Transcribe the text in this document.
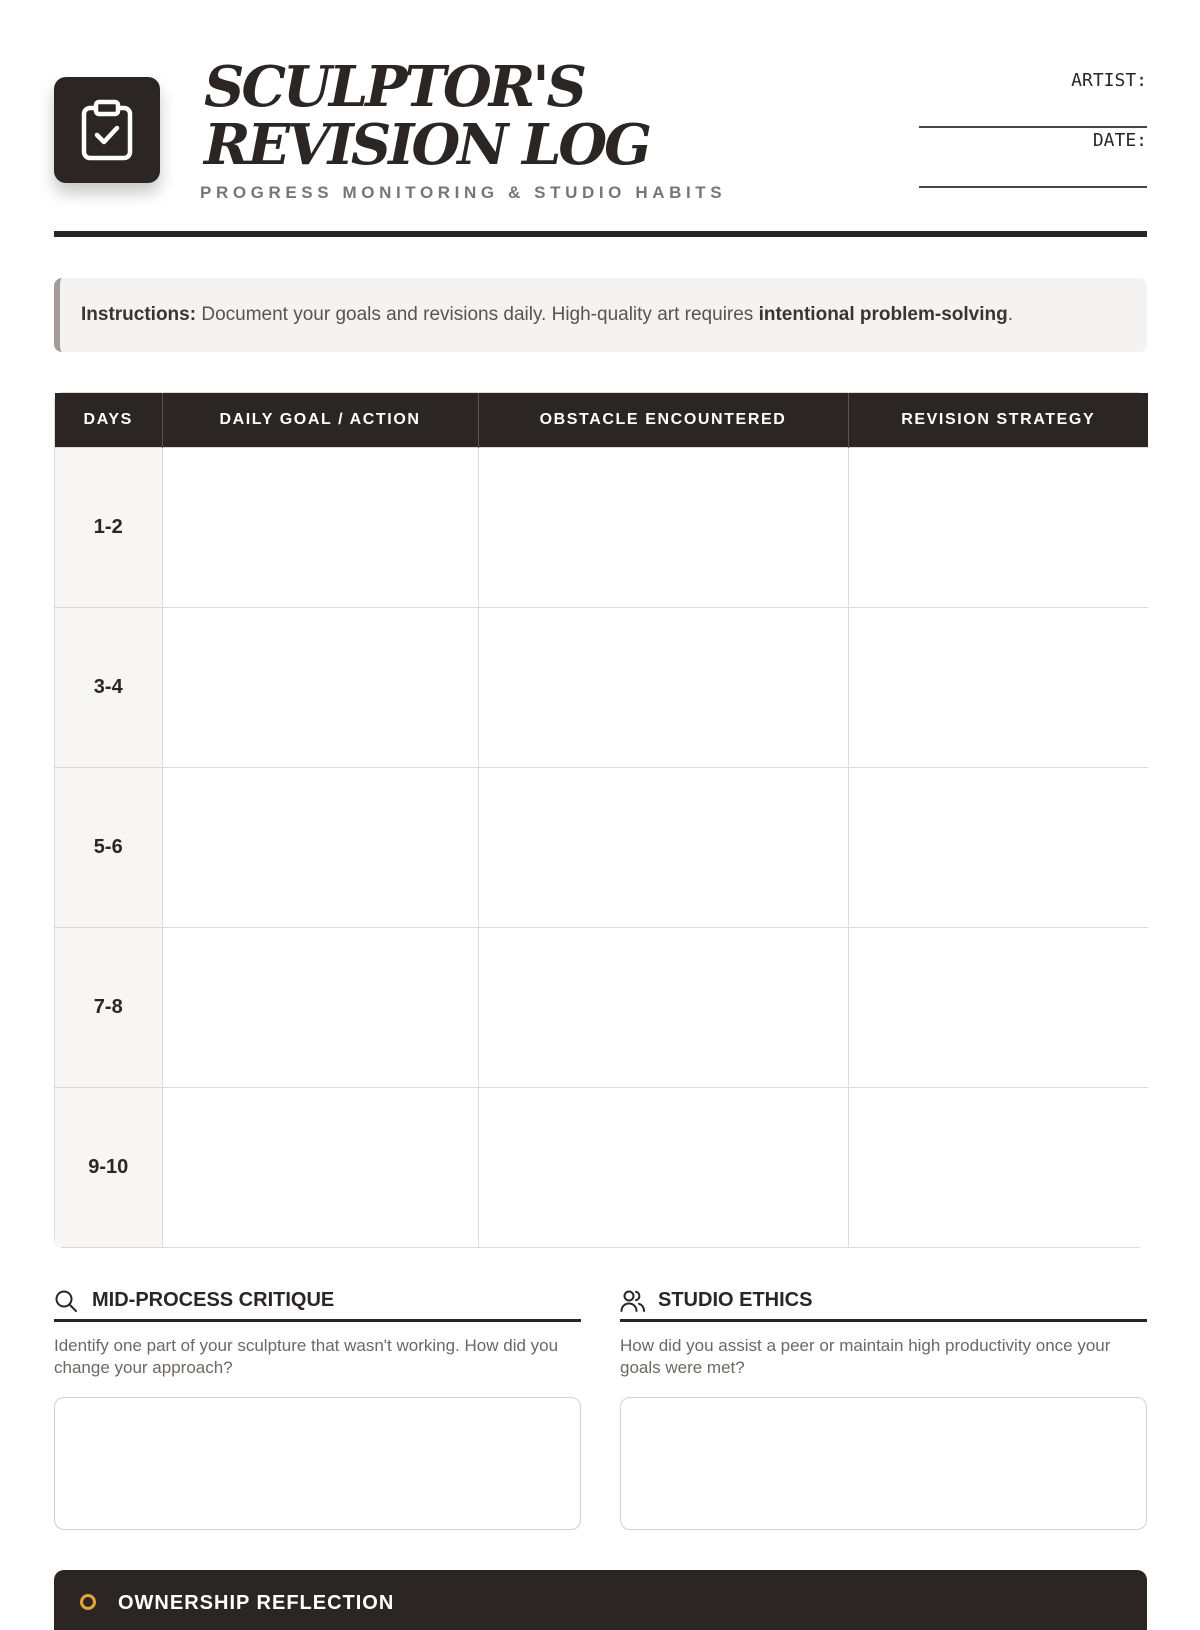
SCULPTOR'S
REVISION LOG
PROGRESS MONITORING & STUDIO HABITS
ARTIST:
DATE:
Instructions: Document your goals and revisions daily. High-quality art requires intentional problem-solving.
DAYS	DAILY GOAL / ACTION	OBSTACLE ENCOUNTERED	REVISION STRATEGY
1-2			
3-4			
5-6			
7-8			
9-10			
MID-PROCESS CRITIQUE
Identify one part of your sculpture that wasn't working. How did you change your approach?
STUDIO ETHICS
How did you assist a peer or maintain high productivity once your goals were met?
OWNERSHIP REFLECTION
